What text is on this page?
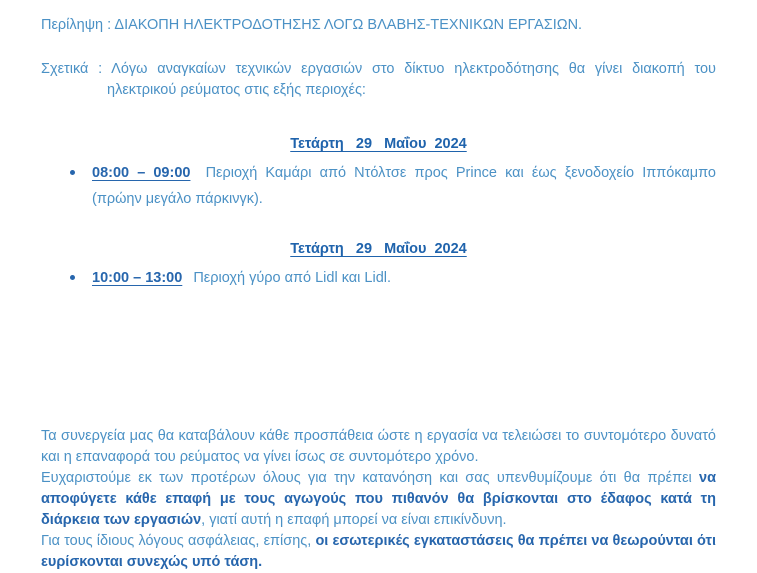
Περίληψη : ΔΙΑΚΟΠΗ ΗΛΕΚΤΡΟΔΟΤΗΣΗΣ ΛΟΓΩ ΒΛΑΒΗΣ-ΤΕΧΝΙΚΩΝ ΕΡΓΑΣΙΩΝ.

Σχετικά : Λόγω αναγκαίων τεχνικών εργασιών στο δίκτυο ηλεκτροδότησης θα γίνει διακοπή του ηλεκτρικού ρεύματος στις εξής περιοχές:

Τετάρτη   29   Μαΐου  2024
08:00 – 09:00 Περιοχή Καμάρι από Ντόλτσε προς Prince και έως ξενοδοχείο Ιππόκαμπο (πρώην μεγάλο πάρκινγκ).
Τετάρτη   29   Μαΐου  2024
10:00 – 13:00 Περιοχή γύρο από Lidl και Lidl.

Τα συνεργεία μας θα καταβάλουν κάθε προσπάθεια ώστε η εργασία να τελειώσει το συντομότερο δυνατό και η επαναφορά του ρεύματος να γίνει ίσως σε συντομότερο χρόνο.

Ευχαριστούμε εκ των προτέρων όλους για την κατανόηση και σας υπενθυμίζουμε ότι θα πρέπει να αποφύγετε κάθε επαφή με τους αγωγούς που πιθανόν θα βρίσκονται στο έδαφος κατά τη διάρκεια των εργασιών, γιατί αυτή η επαφή μπορεί να είναι επικίνδυνη.

Για τους ίδιους λόγους ασφάλειας, επίσης, οι εσωτερικές εγκαταστάσεις θα πρέπει να θεωρούνται ότι ευρίσκονται συνεχώς υπό τάση.
